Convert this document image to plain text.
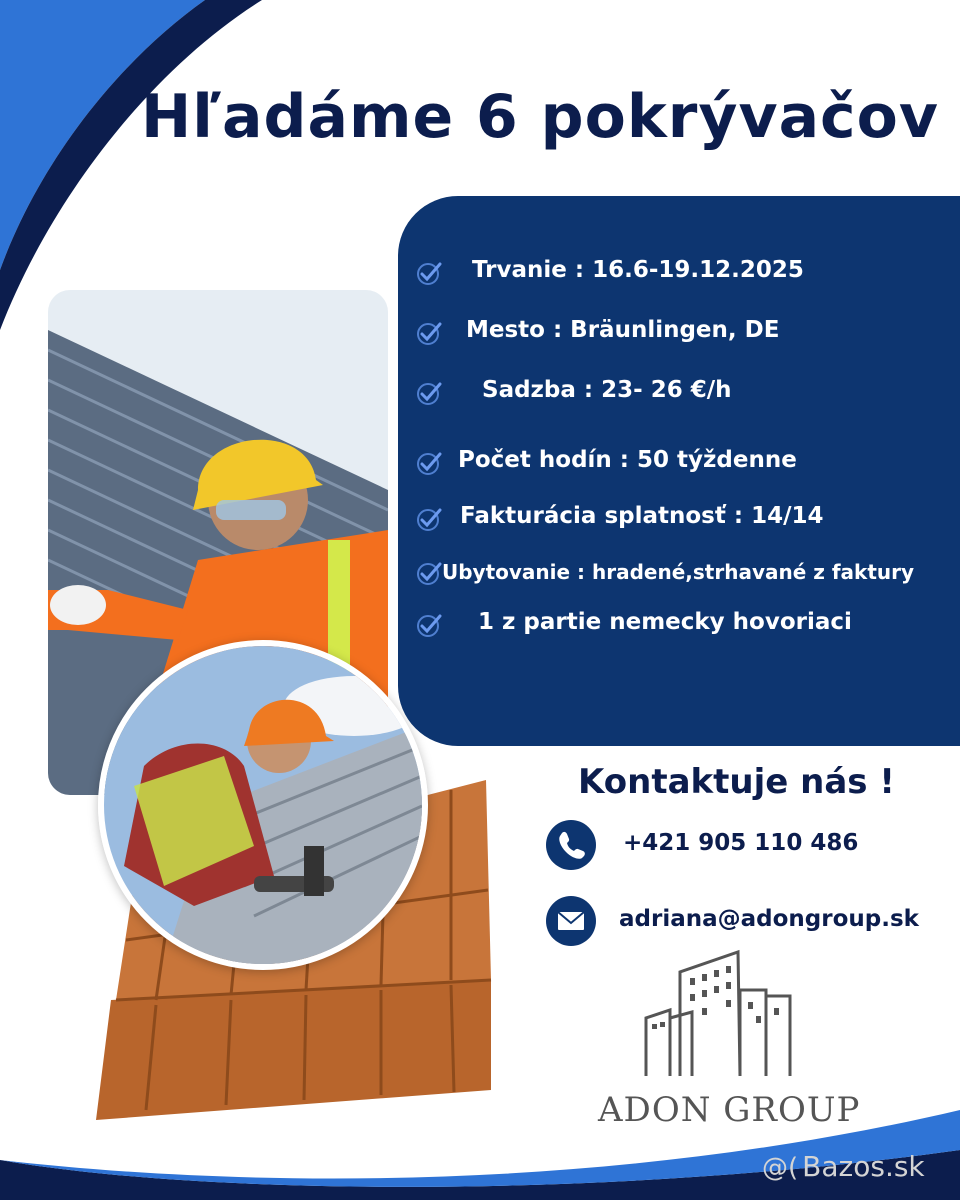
Hľadáme 6 pokrývačov
Trvanie : 16.6-19.12.2025
Mesto : Bräunlingen, DE
Sadzba : 23- 26 €/h
Počet hodín : 50 týždenne
Fakturácia splatnosť : 14/14
Ubytovanie : hradené,strhavané z faktury
1 z partie nemecky hovoriaci
Kontaktuje nás !
+421 905 110 486
adriana@adongroup.sk
ADON GROUP
@( Bazos.sk
